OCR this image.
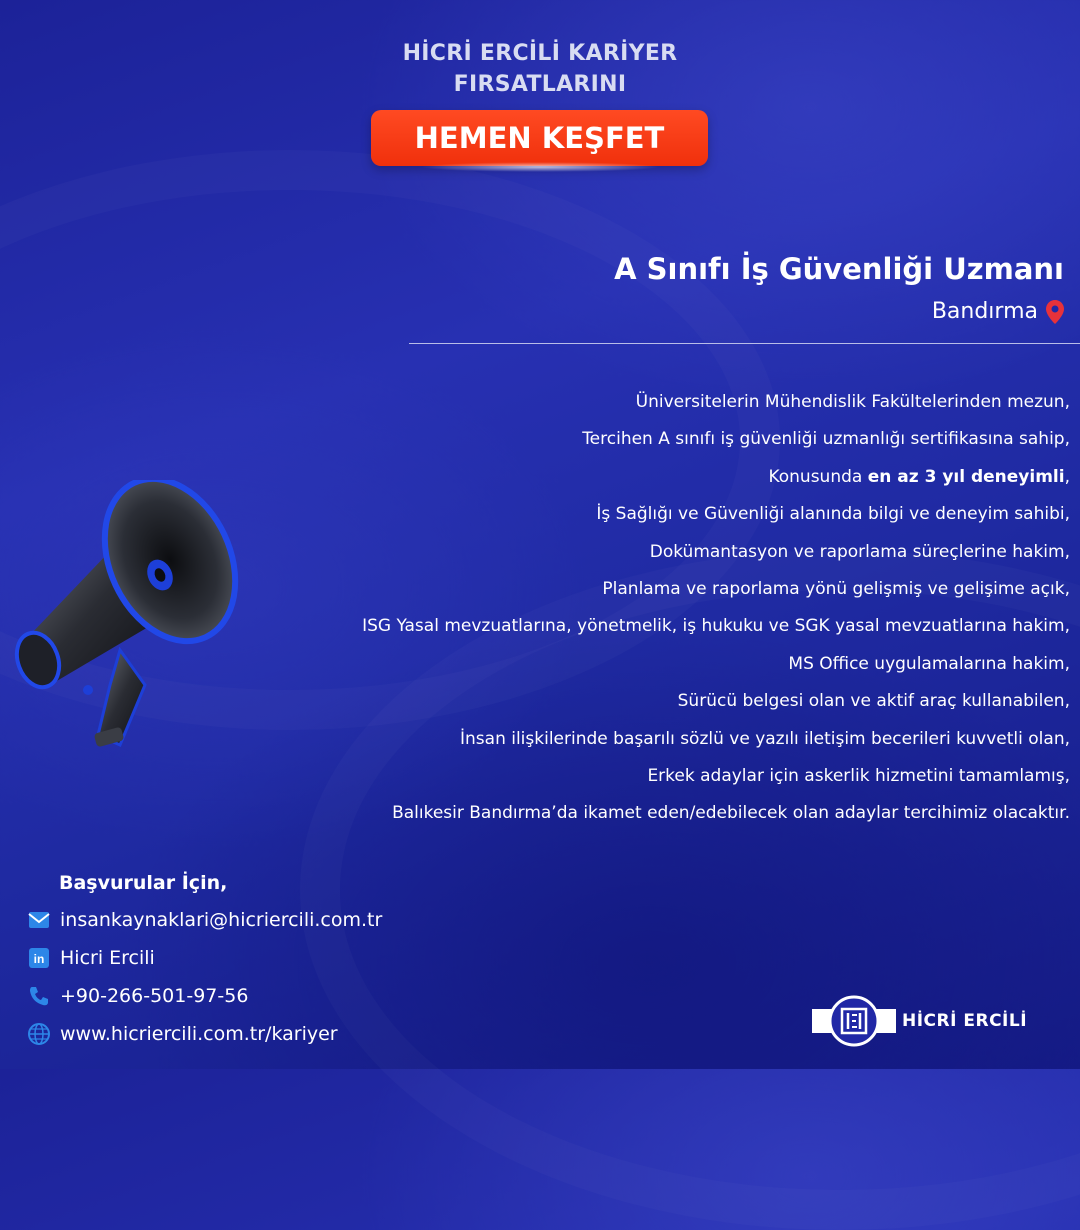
HİCRİ ERCİLİ KARİYER
FIRSATLARINI
HEMEN KEŞFET
A Sınıfı İş Güvenliği Uzmanı
Bandırma
Üniversitelerin Mühendislik Fakültelerinden mezun,
Tercihen A sınıfı iş güvenliği uzmanlığı sertifikasına sahip,
Konusunda en az 3 yıl deneyimli,
İş Sağlığı ve Güvenliği alanında bilgi ve deneyim sahibi,
Dokümantasyon ve raporlama süreçlerine hakim,
Planlama ve raporlama yönü gelişmiş ve gelişime açık,
ISG Yasal mevzuatlarına, yönetmelik, iş hukuku ve SGK yasal mevzuatlarına hakim,
MS Office uygulamalarına hakim,
Sürücü belgesi olan ve aktif araç kullanabilen,
İnsan ilişkilerinde başarılı sözlü ve yazılı iletişim becerileri kuvvetli olan,
Erkek adaylar için askerlik hizmetini tamamlamış,
Balıkesir Bandırma’da ikamet eden/edebilecek olan adaylar tercihimiz olacaktır.
Başvurular İçin,
insankaynaklari@hicriercili.com.tr
in Hicri Ercili
+90-266-501-97-56
www.hicriercili.com.tr/kariyer
HİCRİ ERCİLİ
